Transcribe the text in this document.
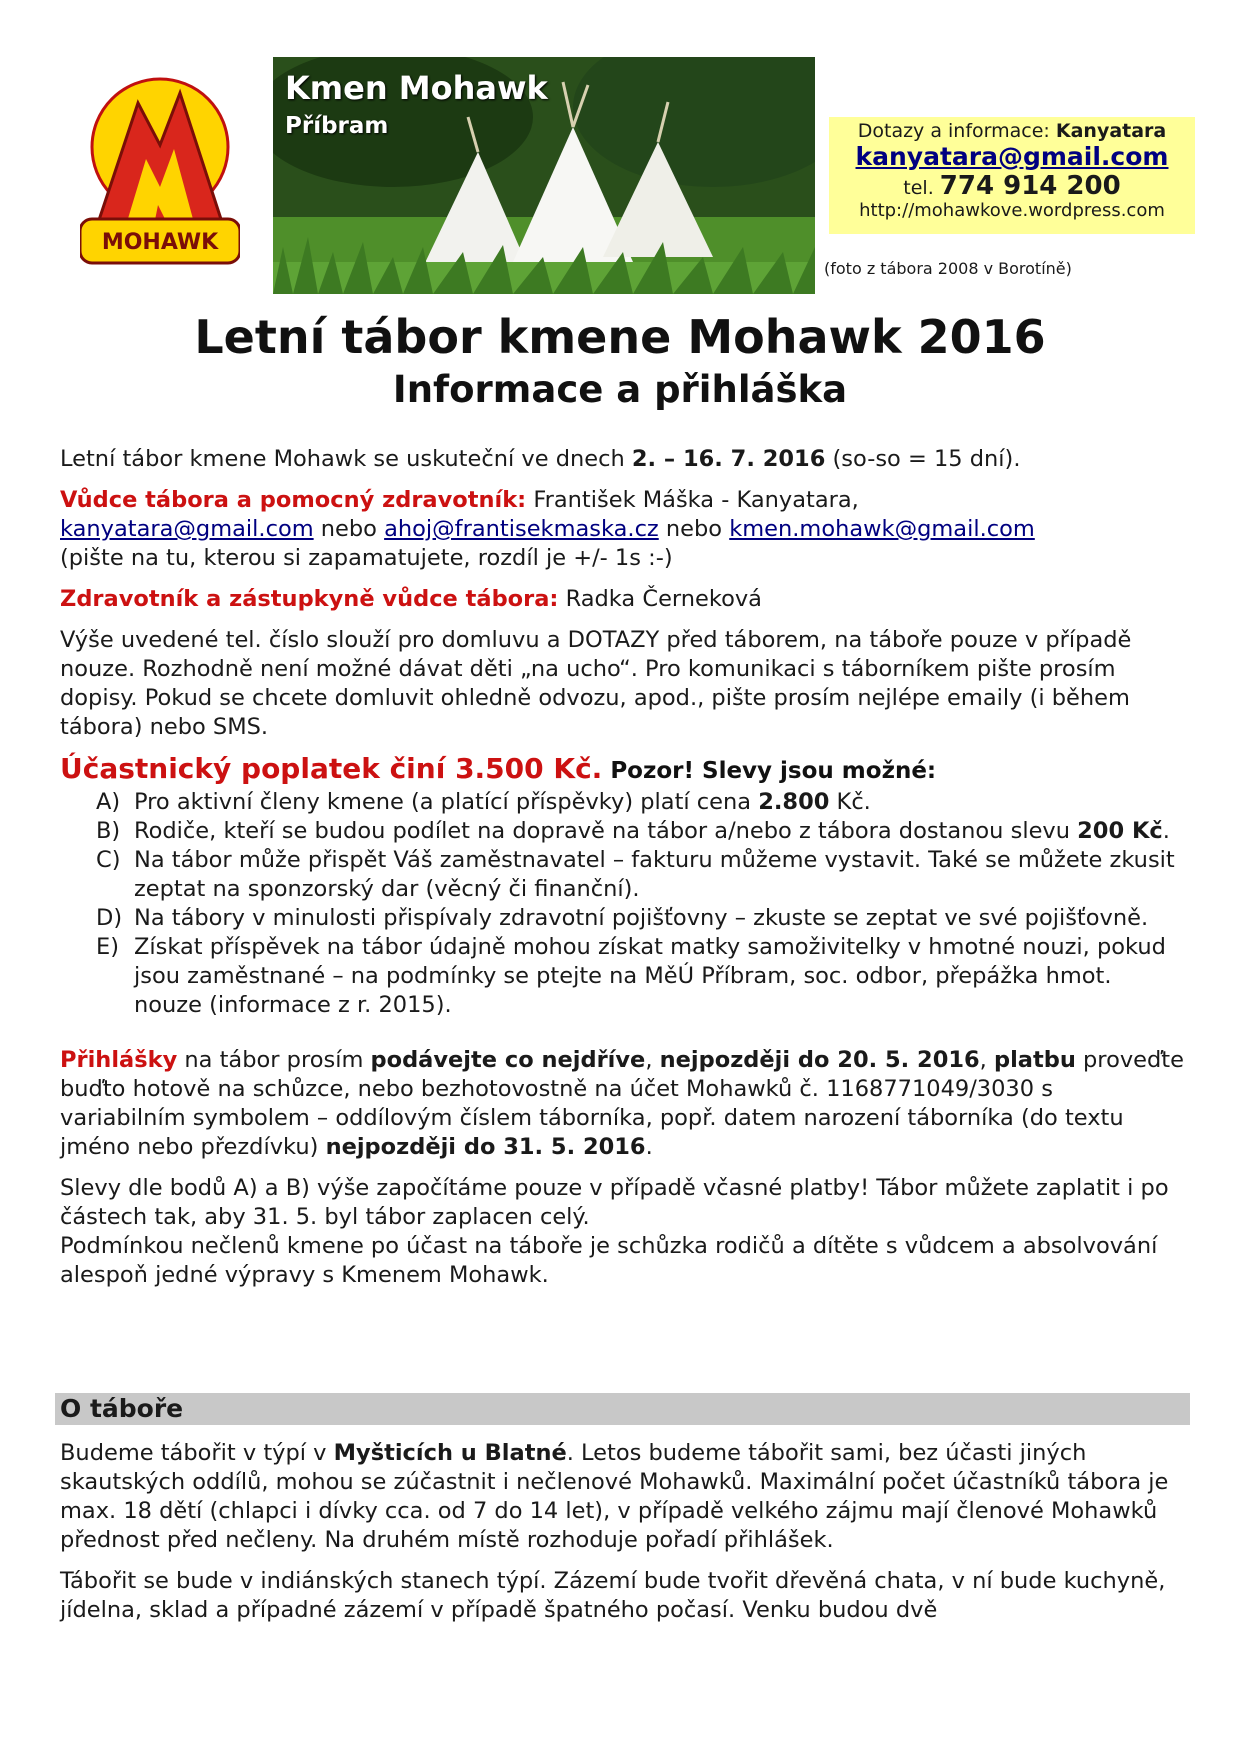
MOHAWK
Kmen Mohawk
Příbram	Dotazy a informace: Kanyatara
kanyatara@gmail.com
tel. 774 914 200
http://mohawkove.wordpress.com
(foto z tábora 2008 v Borotíně)
Letní tábor kmene Mohawk 2016
Informace a přihláška

Letní tábor kmene Mohawk se uskuteční ve dnech 2. – 16. 7. 2016 (so-so = 15 dní).

Vůdce tábora a pomocný zdravotník: František Máška - Kanyatara,
kanyatara@gmail.com nebo ahoj@frantisekmaska.cz nebo kmen.mohawk@gmail.com
(pište na tu, kterou si zapamatujete, rozdíl je +/- 1s :-)

Zdravotník a zástupkyně vůdce tábora: Radka Černeková

Výše uvedené tel. číslo slouží pro domluvu a DOTAZY před táborem, na táboře pouze v případě nouze. Rozhodně není možné dávat děti „na ucho“. Pro komunikaci s táborníkem pište prosím dopisy. Pokud se chcete domluvit ohledně odvozu, apod., pište prosím nejlépe emaily (i během tábora) nebo SMS.

Účastnický poplatek činí 3.500 Kč. Pozor! Slevy jsou možné:
A) Pro aktivní členy kmene (a platící příspěvky) platí cena 2.800 Kč.
B) Rodiče, kteří se budou podílet na dopravě na tábor a/nebo z tábora dostanou slevu 200 Kč.
C) Na tábor může přispět Váš zaměstnavatel – fakturu můžeme vystavit. Také se můžete zkusit zeptat na sponzorský dar (věcný či finanční).
D) Na tábory v minulosti přispívaly zdravotní pojišťovny – zkuste se zeptat ve své pojišťovně.
E) Získat příspěvek na tábor údajně mohou získat matky samoživitelky v hmotné nouzi, pokud jsou zaměstnané – na podmínky se ptejte na MěÚ Příbram, soc. odbor, přepážka hmot. nouze (informace z r. 2015).

Přihlášky na tábor prosím podávejte co nejdříve, nejpozději do 20. 5. 2016, platbu proveďte buďto hotově na schůzce, nebo bezhotovostně na účet Mohawků č. 1168771049/3030 s variabilním symbolem – oddílovým číslem táborníka, popř. datem narození táborníka (do textu jméno nebo přezdívku) nejpozději do 31. 5. 2016.

Slevy dle bodů A) a B) výše započítáme pouze v případě včasné platby! Tábor můžete zaplatit i po částech tak, aby 31. 5. byl tábor zaplacen celý.
Podmínkou nečlenů kmene po účast na táboře je schůzka rodičů a dítěte s vůdcem a absolvování alespoň jedné výpravy s Kmenem Mohawk.

O táboře

Budeme tábořit v týpí v Myšticích u Blatné. Letos budeme tábořit sami, bez účasti jiných skautských oddílů, mohou se zúčastnit i nečlenové Mohawků. Maximální počet účastníků tábora je max. 18 dětí (chlapci i dívky cca. od 7 do 14 let), v případě velkého zájmu mají členové Mohawků přednost před nečleny. Na druhém místě rozhoduje pořadí přihlášek.

Tábořit se bude v indiánských stanech týpí. Zázemí bude tvořit dřevěná chata, v ní bude kuchyně, jídelna, sklad a případné zázemí v případě špatného počasí. Venku budou dvě
